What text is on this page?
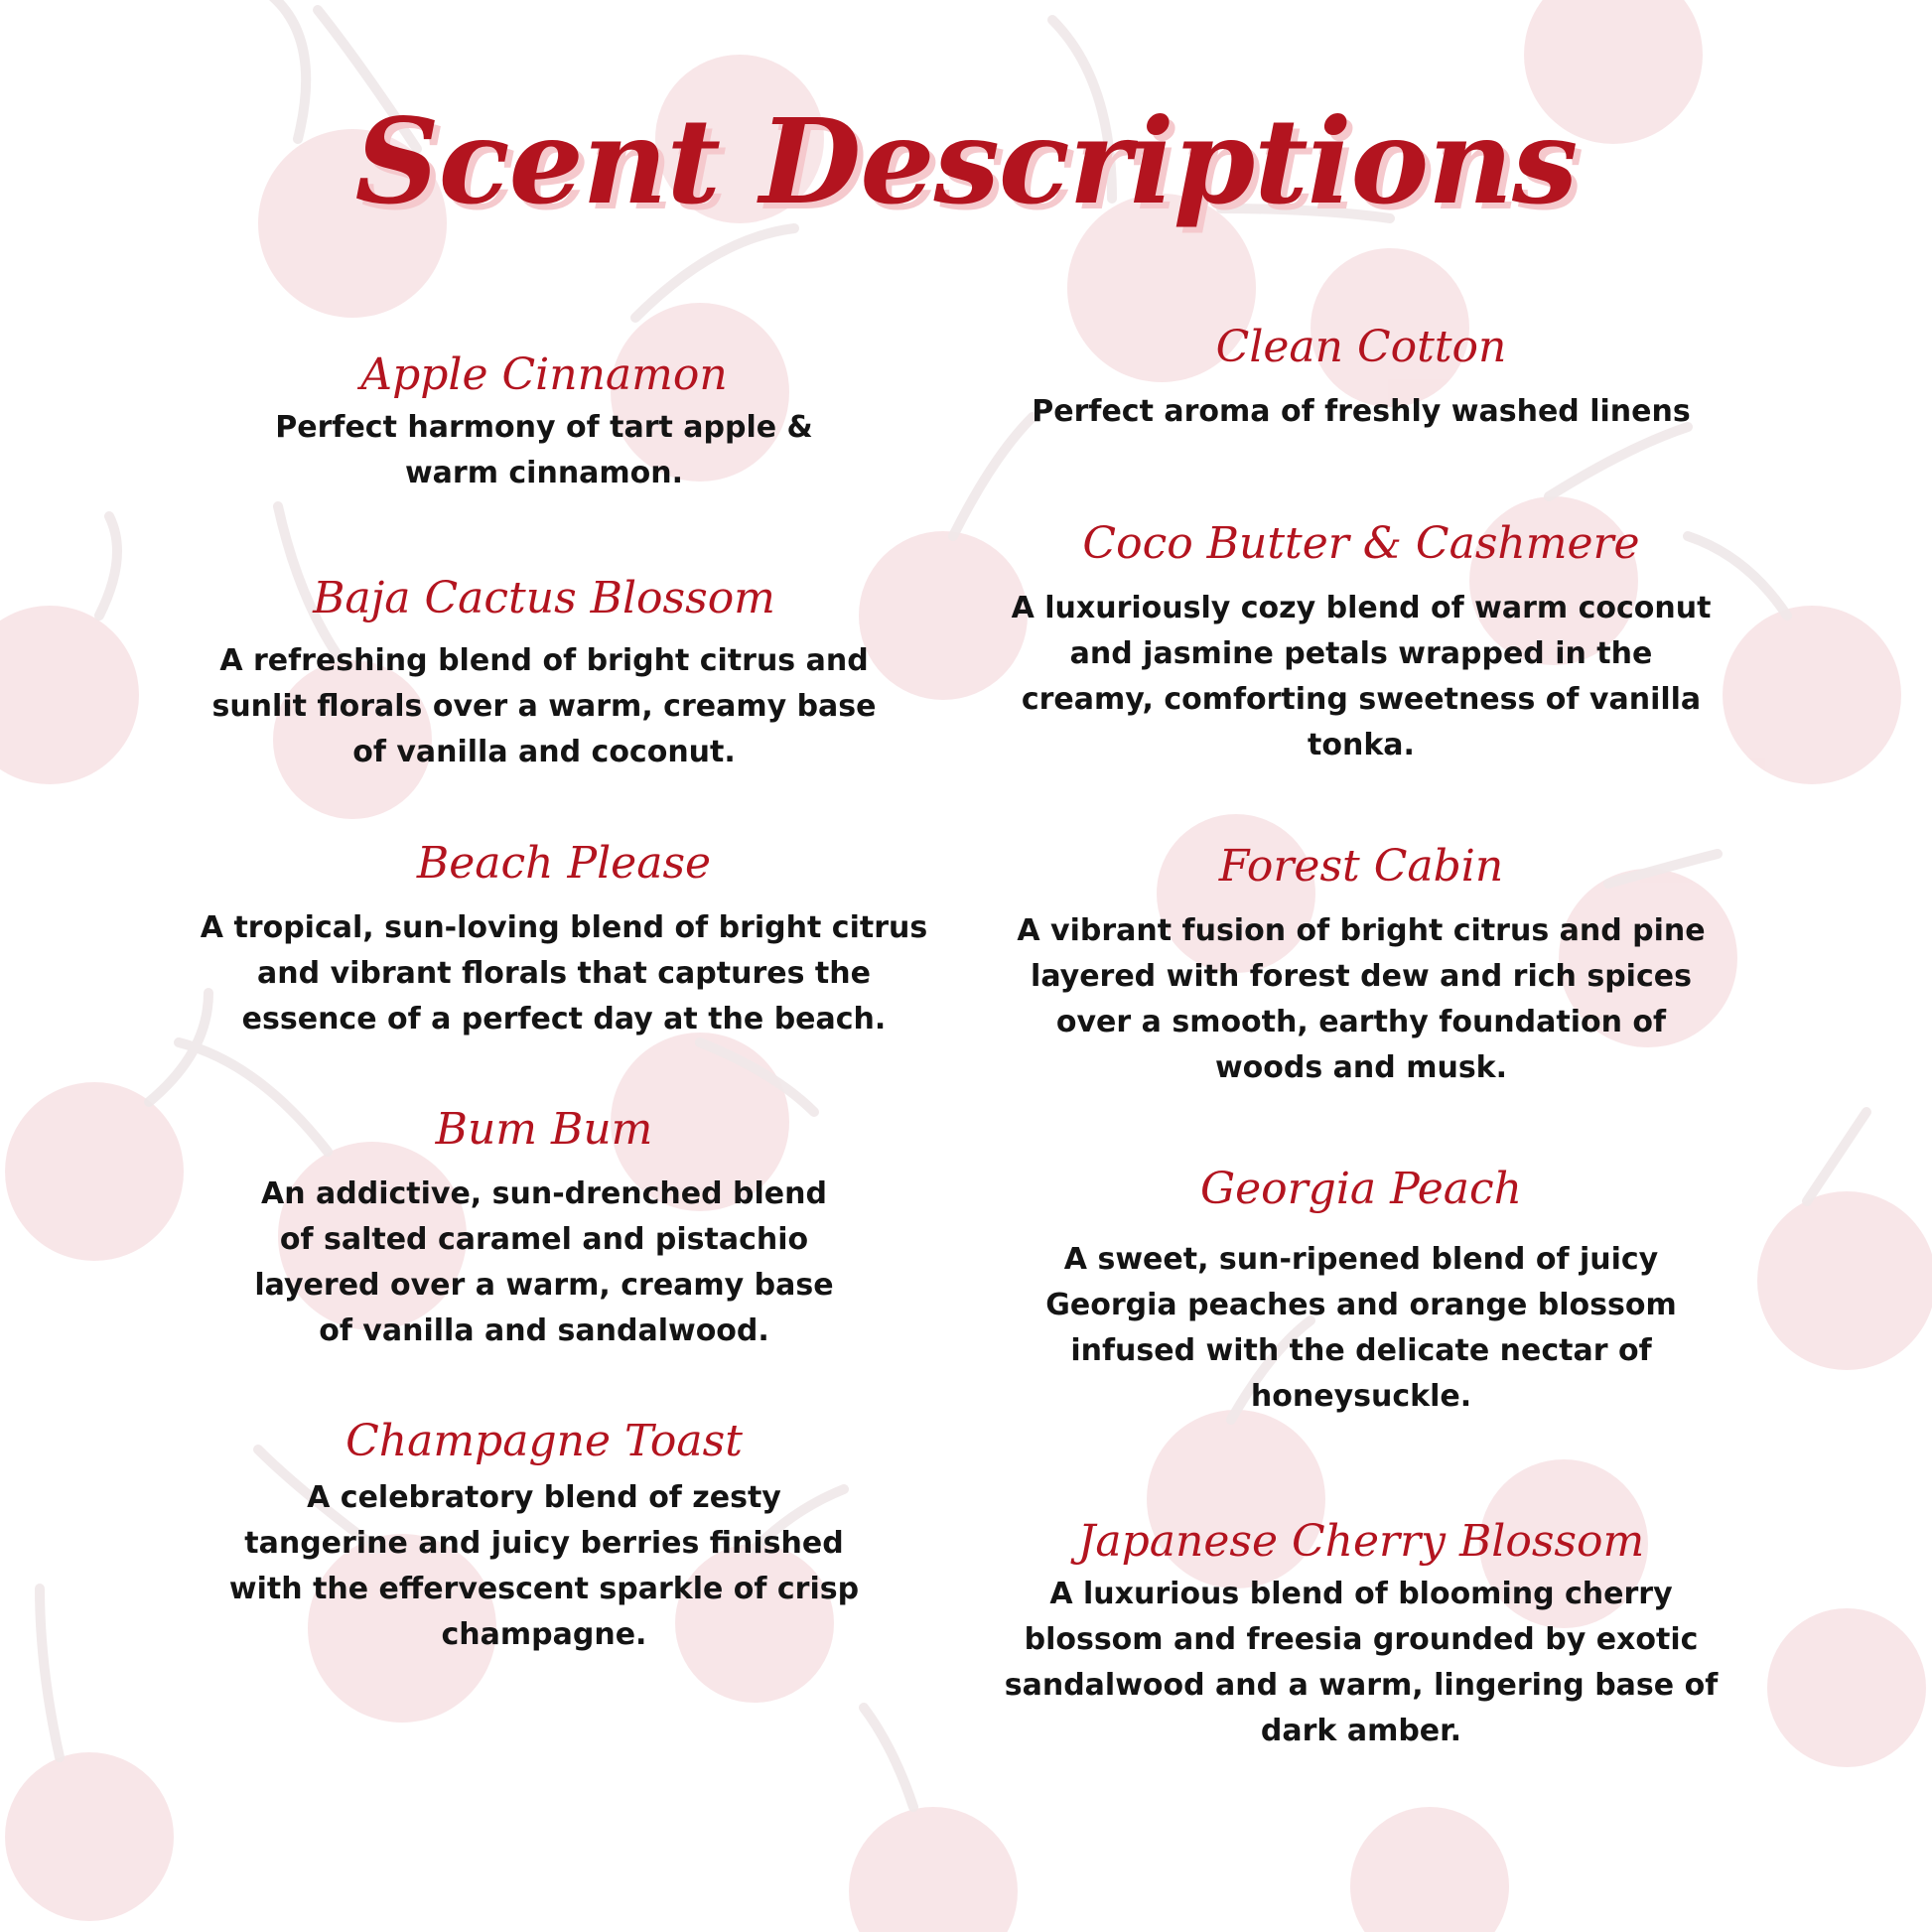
Scent Descriptions

Apple Cinnamon

Perfect harmony of tart apple & warm cinnamon.

Baja Cactus Blossom

A refreshing blend of bright citrus and sunlit florals over a warm, creamy base of vanilla and coconut.

Beach Please

A tropical, sun-loving blend of bright citrus and vibrant florals that captures the essence of a perfect day at the beach.

Bum Bum

An addictive, sun-drenched blend of salted caramel and pistachio layered over a warm, creamy base of vanilla and sandalwood.

Champagne Toast

A celebratory blend of zesty tangerine and juicy berries finished with the effervescent sparkle of crisp champagne.

Clean Cotton

Perfect aroma of freshly washed linens

Coco Butter & Cashmere

A luxuriously cozy blend of warm coconut and jasmine petals wrapped in the creamy, comforting sweetness of vanilla tonka.

Forest Cabin

A vibrant fusion of bright citrus and pine layered with forest dew and rich spices over a smooth, earthy foundation of woods and musk.

Georgia Peach

A sweet, sun-ripened blend of juicy Georgia peaches and orange blossom infused with the delicate nectar of honeysuckle.

Japanese Cherry Blossom

A luxurious blend of blooming cherry blossom and freesia grounded by exotic sandalwood and a warm, lingering base of dark amber.
